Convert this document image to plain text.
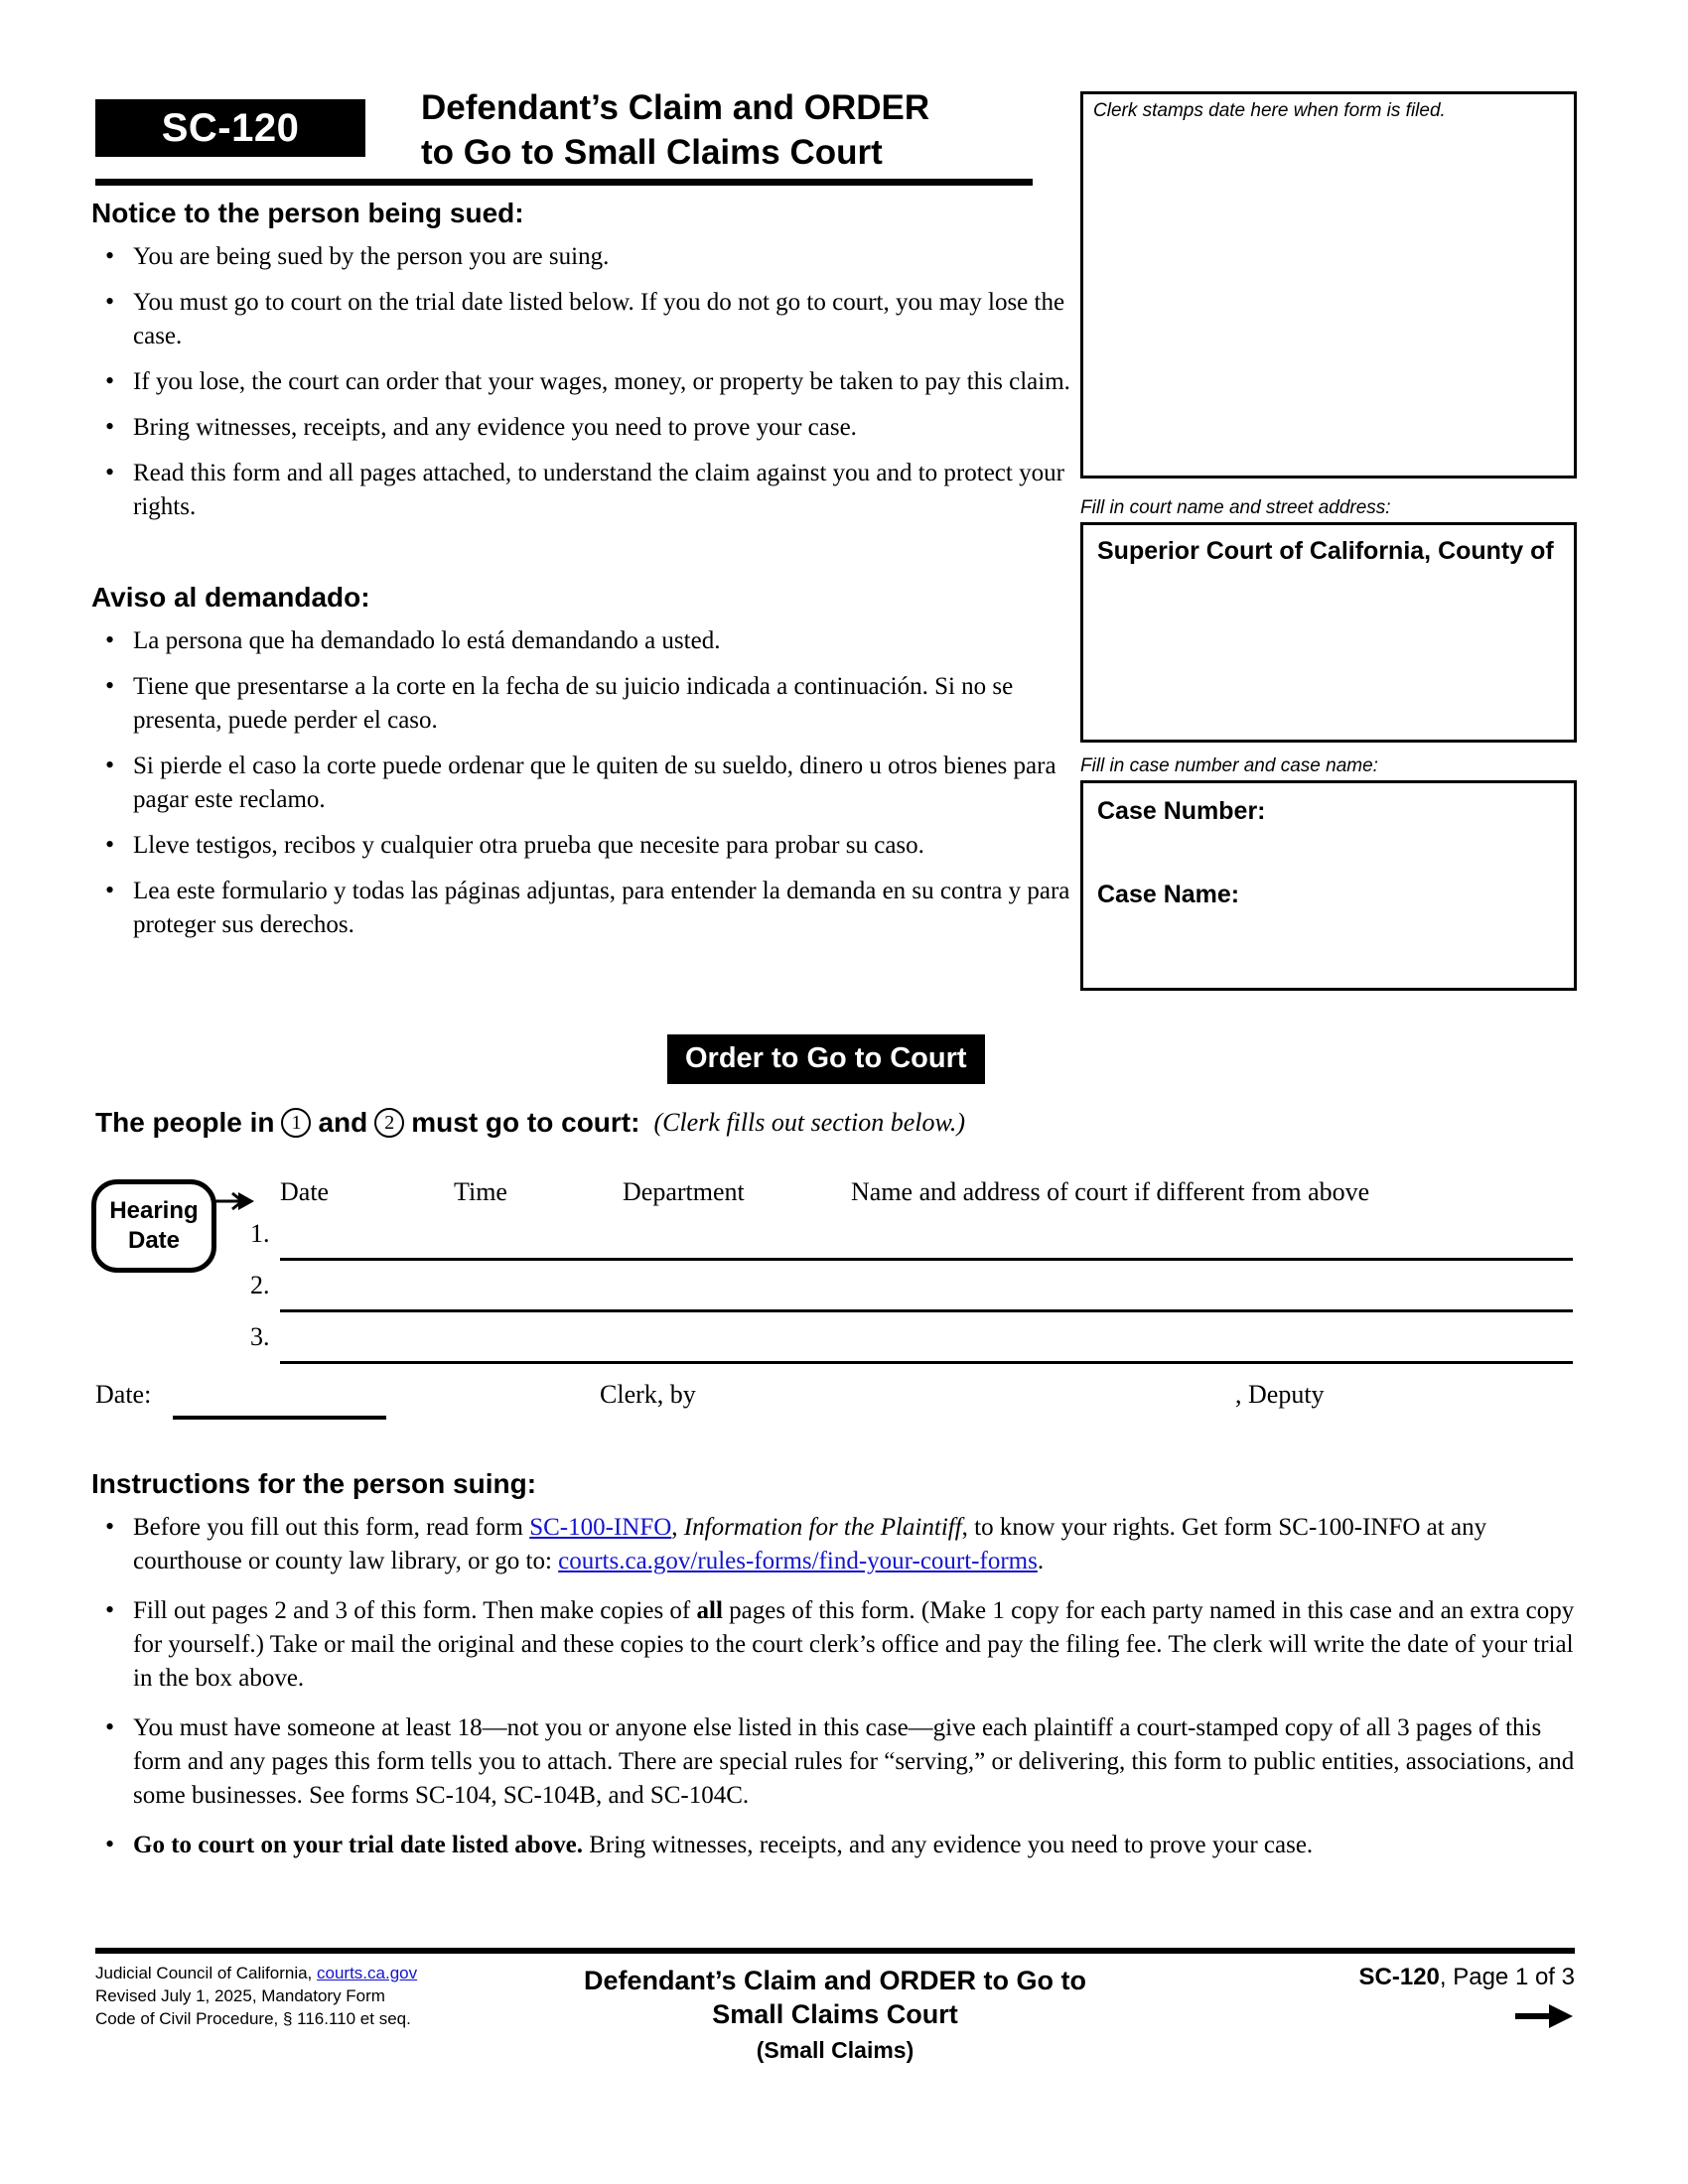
SC-120	Defendant’s Claim and ORDER
to Go to Small Claims Court
Notice to the person being sued:
• You are being sued by the person you are suing.
• You must go to court on the trial date listed below. If you do not go to court, you may lose the case.
• If you lose, the court can order that your wages, money, or property be taken to pay this claim.
• Bring witnesses, receipts, and any evidence you need to prove your case.
• Read this form and all pages attached, to understand the claim against you and to protect your rights.
Aviso al demandado:
• La persona que ha demandado lo está demandando a usted.
• Tiene que presentarse a la corte en la fecha de su juicio indicada a continuación. Si no se presenta, puede perder el caso.
• Si pierde el caso la corte puede ordenar que le quiten de su sueldo, dinero u otros bienes para pagar este reclamo.
• Lleve testigos, recibos y cualquier otra prueba que necesite para probar su caso.
• Lea este formulario y todas las páginas adjuntas, para entender la demanda en su contra y para proteger sus derechos.
Clerk stamps date here when form is filed.
Fill in court name and street address:
Superior Court of California, County of
Fill in case number and case name:
Case Number:
Case Name:
Order to Go to Court
The people in 1 and 2 must go to court: (Clerk fills out section below.)
Hearing
Date
Date	Time	Department	Name and address of court if different from above
1.
2.
3.
Date:	Clerk, by	, Deputy
Instructions for the person suing:
• Before you fill out this form, read form SC-100-INFO, Information for the Plaintiff, to know your rights. Get form SC-100-INFO at any courthouse or county law library, or go to: courts.ca.gov/rules-forms/find-your-court-forms.
• Fill out pages 2 and 3 of this form. Then make copies of all pages of this form. (Make 1 copy for each party named in this case and an extra copy for yourself.) Take or mail the original and these copies to the court clerk’s office and pay the filing fee. The clerk will write the date of your trial in the box above.
• You must have someone at least 18—not you or anyone else listed in this case—give each plaintiff a court-stamped copy of all 3 pages of this form and any pages this form tells you to attach. There are special rules for “serving,” or delivering, this form to public entities, associations, and some businesses. See forms SC-104, SC-104B, and SC-104C.
• Go to court on your trial date listed above. Bring witnesses, receipts, and any evidence you need to prove your case.
Judicial Council of California, courts.ca.gov
Revised July 1, 2025, Mandatory Form
Code of Civil Procedure, § 116.110 et seq.
Defendant’s Claim and ORDER to Go to
Small Claims Court
(Small Claims)
SC-120, Page 1 of 3
